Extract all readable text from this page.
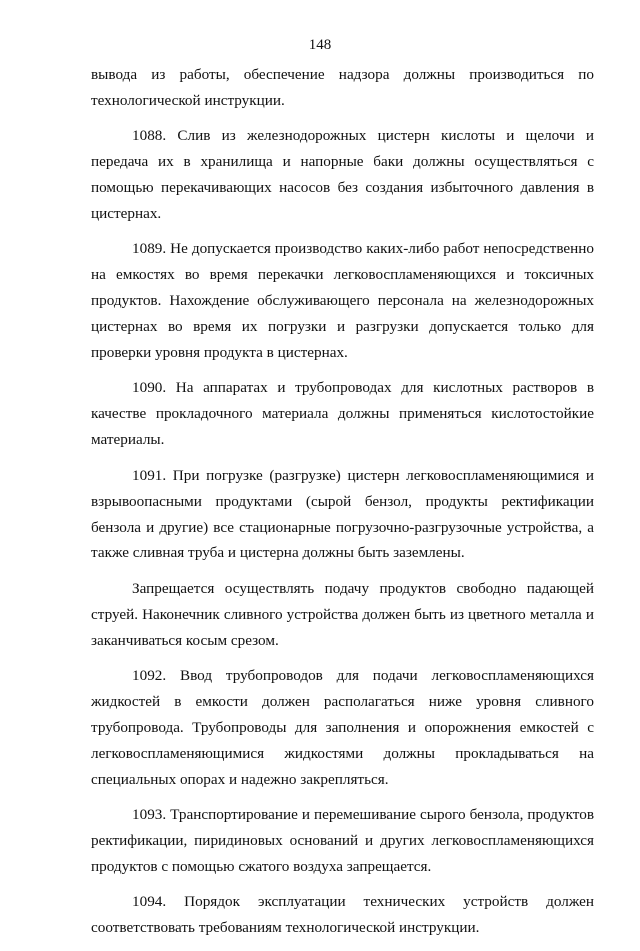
148

вывода из работы, обеспечение надзора должны производиться по технологической инструкции.

1088. Слив из железнодорожных цистерн кислоты и щелочи и передача их в хранилища и напорные баки должны осуществляться с помощью перекачивающих насосов без создания избыточного давления в цистернах.

1089. Не допускается производство каких-либо работ непосредственно на емкостях во время перекачки легковоспламеняющихся и токсичных продуктов. Нахождение обслуживающего персонала на железнодорожных цистернах во время их погрузки и разгрузки допускается только для проверки уровня продукта в цистернах.

1090. На аппаратах и трубопроводах для кислотных растворов в качестве прокладочного материала должны применяться кислотостойкие материалы.

1091. При погрузке (разгрузке) цистерн легковоспламеняющимися и взрывоопасными продуктами (сырой бензол, продукты ректификации бензола и другие) все стационарные погрузочно-разгрузочные устройства, а также сливная труба и цистерна должны быть заземлены.

Запрещается осуществлять подачу продуктов свободно падающей струей. Наконечник сливного устройства должен быть из цветного металла и заканчиваться косым срезом.

1092. Ввод трубопроводов для подачи легковоспламеняющихся жидкостей в емкости должен располагаться ниже уровня сливного трубопровода. Трубопроводы для заполнения и опорожнения емкостей с легковоспламеняющимися жидкостями должны прокладываться на специальных опорах и надежно закрепляться.

1093. Транспортирование и перемешивание сырого бензола, продуктов ректификации, пиридиновых оснований и других легковоспламеняющихся продуктов с помощью сжатого воздуха запрещается.

1094. Порядок эксплуатации технических устройств должен соответствовать требованиям технологической инструкции.
